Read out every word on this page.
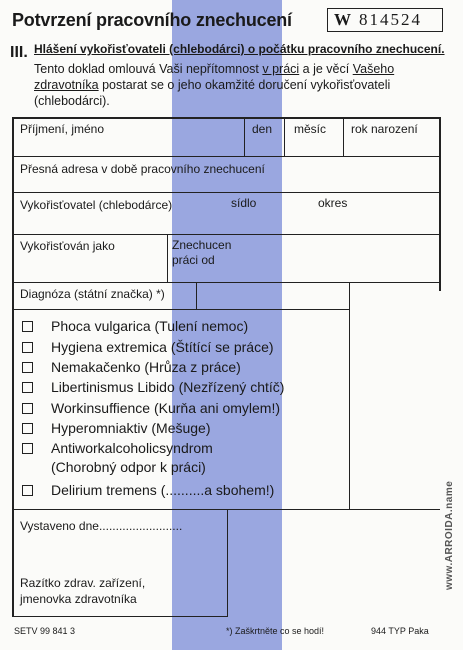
Potvrzení pracovního znechucení W 814524
III. Hlášení vykořisťovateli (chlebodárci) o počátku pracovního znechucení.
Tento doklad omlouvá Vaši nepřítomnost v práci a je věcí Vašeho zdravotníka postarat se o jeho okamžité doručení vykořisťovateli (chlebodárci).
Příjmení, jméno	den měsíc rok narození
Přesná adresa v době pracovního znechucení
Vykořisťovatel (chlebodárce)	sídlo	okres
Vykořisťován jako	Znechucen
práci od
Diagnóza (státní značka) *)
Phoca vulgarica (Tulení nemoc)
Hygiena extremica (Štítící se práce)
Nemakačenko (Hrůza z práce)
Libertinismus Libido (Nezřízený chtíč)
Workinsuffience (Kurňa ani omylem!)
Hyperomniaktiv (Mešuge)
Antiworkalcoholicsyndrom
(Chorobný odpor k práci)
Delirium tremens (..........a sbohem!)
Vystaveno dne.........................
Razítko zdrav. zařízení,
jmenovka zdravotníka
SETV 99 841 3	*) Zaškrtněte co se hodí!	944 TYP Paka
www.ARROIDA.name
